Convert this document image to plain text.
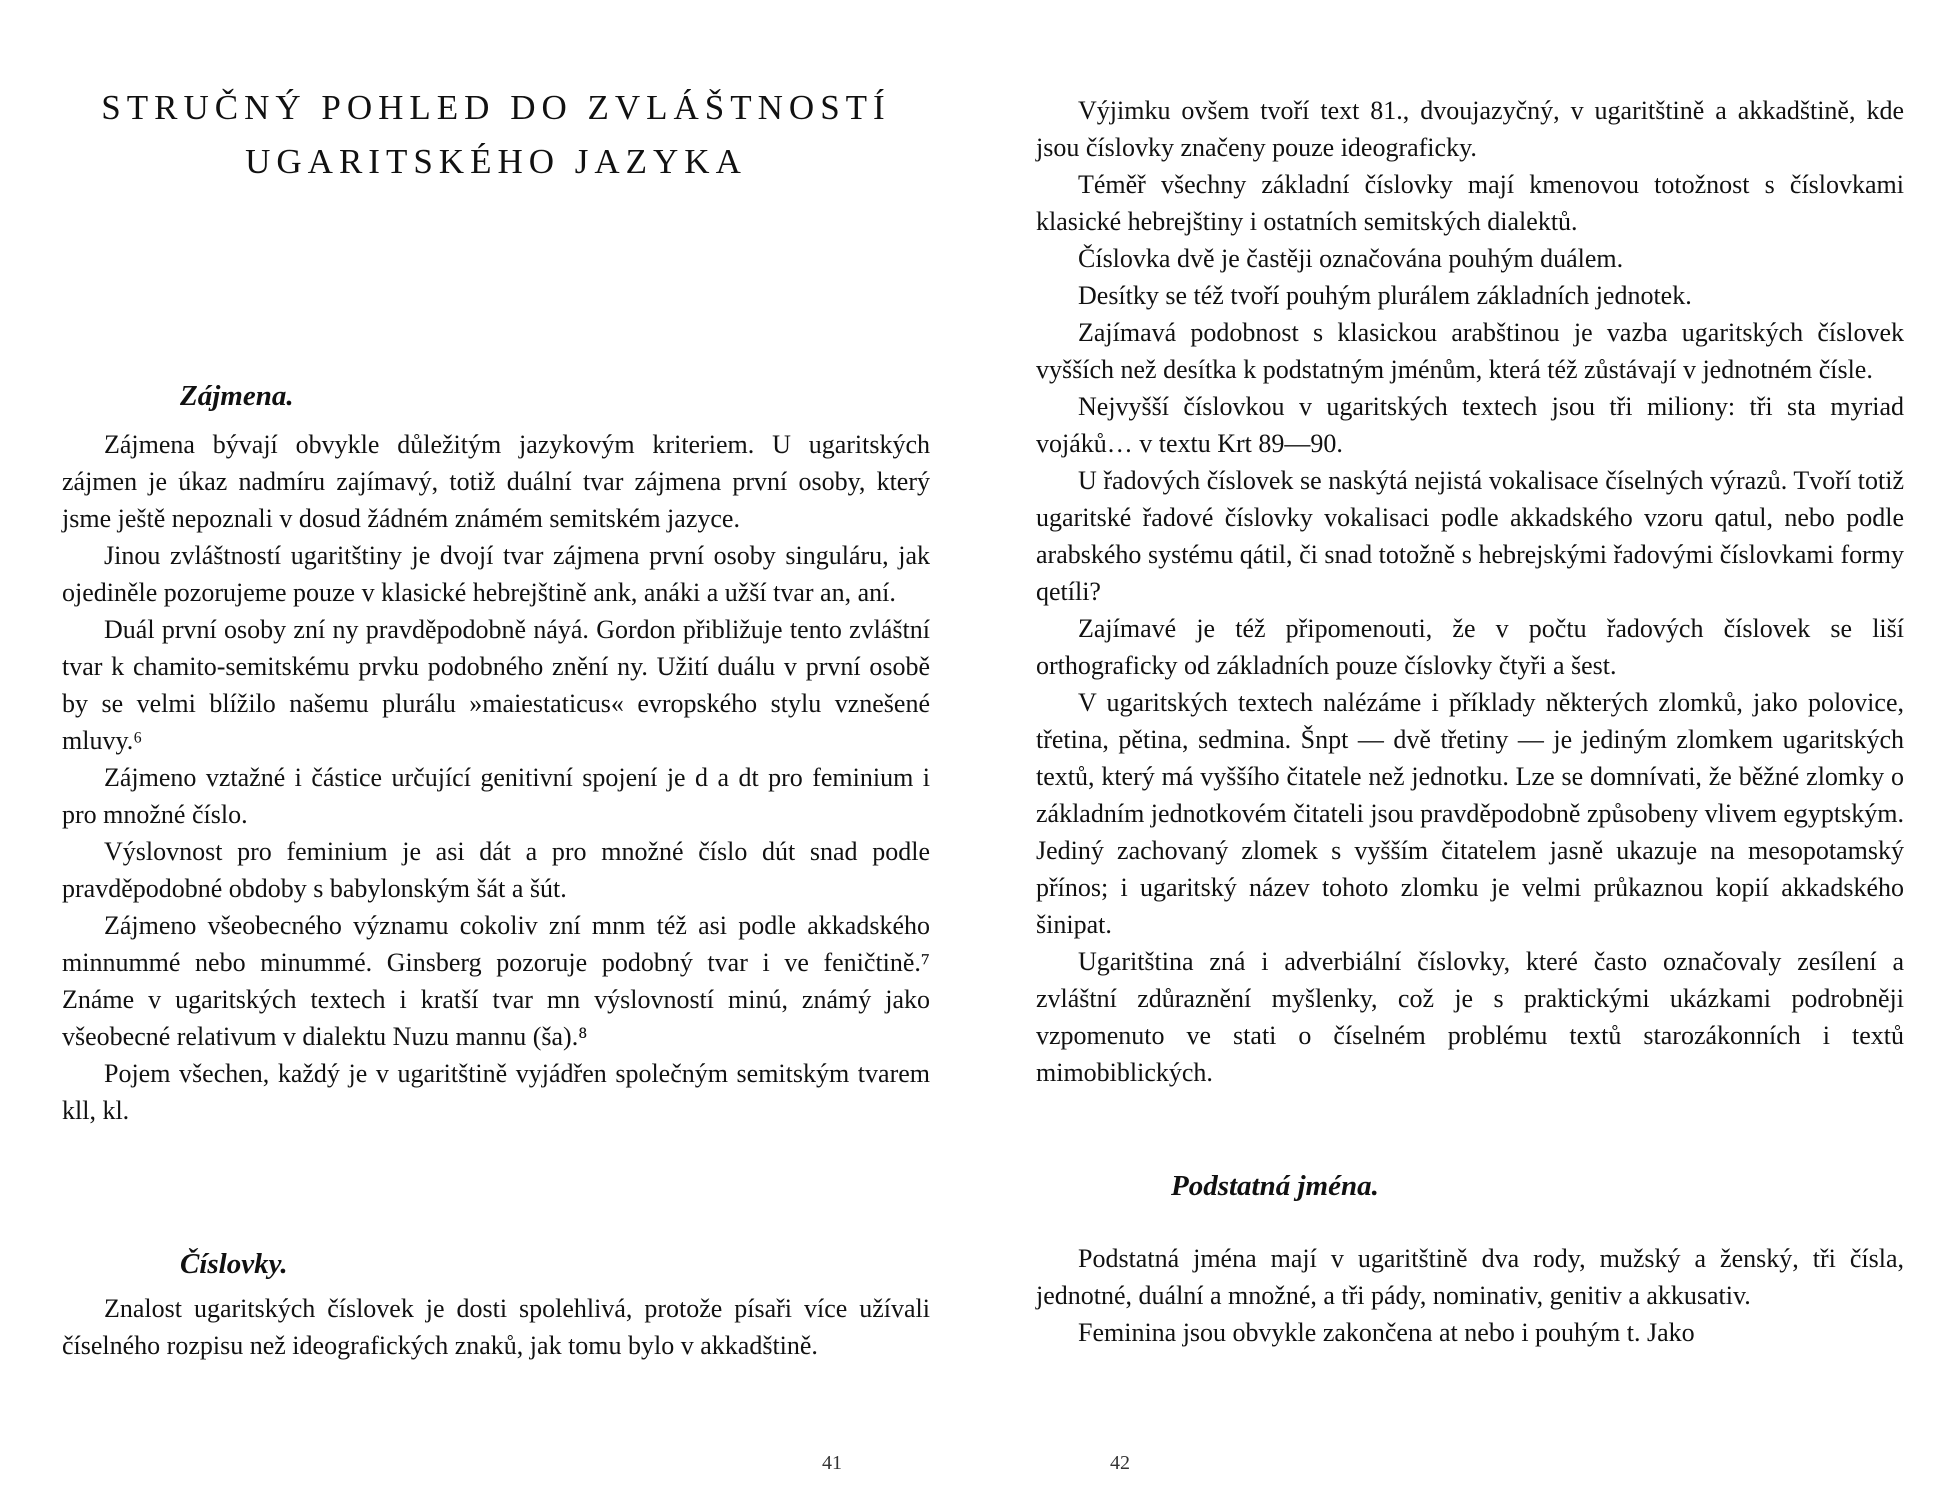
STRUČNÝ POHLED DO ZVLÁŠTNOSTÍ
UGARITSKÉHO JAZYKA
Zájmena.

Zájmena bývají obvykle důležitým jazykovým kriteriem. U ugaritských zájmen je úkaz nadmíru zajímavý, totiž duální tvar zájmena první osoby, který jsme ještě nepoznali v dosud žádném známém semitském jazyce.

Jinou zvláštností ugaritštiny je dvojí tvar zájmena první osoby singuláru, jak ojediněle pozorujeme pouze v klasické hebrejštině ank, anáki a užší tvar an, aní.

Duál první osoby zní ny pravděpodobně náyá. Gordon přibližuje tento zvláštní tvar k chamito-semitskému prvku podobného znění ny. Užití duálu v první osobě by se velmi blížilo našemu plurálu »maiestaticus« evropského stylu vznešené mluvy.⁶

Zájmeno vztažné i částice určující genitivní spojení je d a dt pro feminium i pro množné číslo.

Výslovnost pro feminium je asi dát a pro množné číslo dút snad podle pravděpodobné obdoby s babylonským šát a šút.

Zájmeno všeobecného významu cokoliv zní mnm též asi podle akkadského minnummé nebo minummé. Ginsberg pozoruje podobný tvar i ve feničtině.⁷ Známe v ugaritských textech i kratší tvar mn výslovností minú, známý jako všeobecné relativum v dialektu Nuzu mannu (ša).⁸

Pojem všechen, každý je v ugaritštině vyjádřen společným semitským tvarem kll, kl.

Číslovky.

Znalost ugaritských číslovek je dosti spolehlivá, protože písaři více užívali číselného rozpisu než ideografických znaků, jak tomu bylo v akkadštině.

41

Výjimku ovšem tvoří text 81., dvoujazyčný, v ugaritštině a akkadštině, kde jsou číslovky značeny pouze ideograficky.

Téměř všechny základní číslovky mají kmenovou totožnost s číslovkami klasické hebrejštiny i ostatních semitských dialektů.

Číslovka dvě je častěji označována pouhým duálem.

Desítky se též tvoří pouhým plurálem základních jednotek.

Zajímavá podobnost s klasickou arabštinou je vazba ugaritských číslovek vyšších než desítka k podstatným jménům, která též zůstávají v jednotném čísle.

Nejvyšší číslovkou v ugaritských textech jsou tři miliony: tři sta myriad vojáků… v textu Krt 89—90.

U řadových číslovek se naskýtá nejistá vokalisace číselných výrazů. Tvoří totiž ugaritské řadové číslovky vokalisaci podle akkadského vzoru qatul, nebo podle arabského systému qátil, či snad totožně s hebrejskými řadovými číslovkami formy qetíli?

Zajímavé je též připomenouti, že v počtu řadových číslovek se liší orthograficky od základních pouze číslovky čtyři a šest.

V ugaritských textech nalézáme i příklady některých zlomků, jako polovice, třetina, pětina, sedmina. Šnpt — dvě třetiny — je jediným zlomkem ugaritských textů, který má vyššího čitatele než jednotku. Lze se domnívati, že běžné zlomky o základním jednotkovém čitateli jsou pravděpodobně způsobeny vlivem egyptským. Jediný zachovaný zlomek s vyšším čitatelem jasně ukazuje na mesopotamský přínos; i ugaritský název tohoto zlomku je velmi průkaznou kopií akkadského šinipat.

Ugaritština zná i adverbiální číslovky, které často označovaly zesílení a zvláštní zdůraznění myšlenky, což je s praktickými ukázkami podrobněji vzpomenuto ve stati o číselném problému textů starozákonních i textů mimobiblických.

Podstatná jména.

Podstatná jména mají v ugaritštině dva rody, mužský a ženský, tři čísla, jednotné, duální a množné, a tři pády, nominativ, genitiv a akkusativ.

Feminina jsou obvykle zakončena at nebo i pouhým t. Jako

42
